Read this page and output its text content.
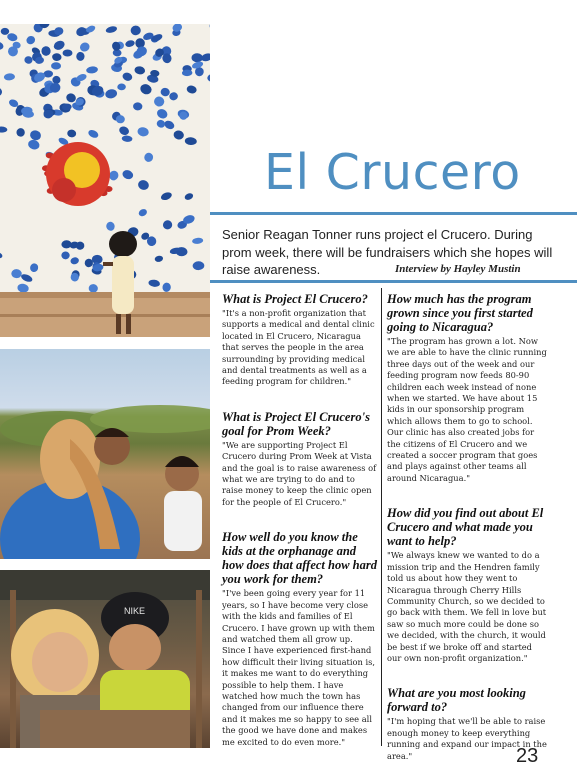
NIKE
El Crucero
Senior Reagan Tonner runs project el Crucero. During prom week, there will be fundraisers which she hopes will raise awareness.	Interview by Hayley Mustin

What is Project El Crucero?

"It's a non-profit organization that supports a medical and dental clinic located in El Crucero, Nicaragua that serves the people in the area surrounding by providing medical and dental treatments as well as a feeding program for children."

What is Project El Crucero's goal for Prom Week?

"We are supporting Project El Crucero during Prom Week at Vista and the goal is to raise awareness of what we are trying to do and to raise money to keep the clinic open for the people of El Crucero."

How well do you know the kids at the orphanage and how does that affect how hard you work for them?

"I've been going every year for 11 years, so I have become very close with the kids and families of El Crucero. I have grown up with them and watched them all grow up. Since I have experienced first-hand how difficult their living situation is, it makes me want to do everything possible to help them. I have watched how much the town has changed from our influence there and it makes me so happy to see all the good we have done and makes me excited to do even more."

How much has the program grown since you first started going to Nicaragua?

"The program has grown a lot. Now we are able to have the clinic running three days out of the week and our feeding program now feeds 80-90 children each week instead of none when we started. We have about 15 kids in our sponsorship program which allows them to go to school. Our clinic has also created jobs for the citizens of El Crucero and we created a soccer program that goes and plays against other teams all around Nicaragua."

How did you find out about El Crucero and what made you want to help?

"We always knew we wanted to do a mission trip and the Hendren family told us about how they went to Nicaragua through Cherry Hills Community Church, so we decided to go back with them. We fell in love but saw so much more could be done so we decided, with the church, it would be best if we broke off and started our own non-profit organization."

What are you most looking forward to?

"I'm hoping that we'll be able to raise enough money to keep everything running and expand our impact in the area."	23
